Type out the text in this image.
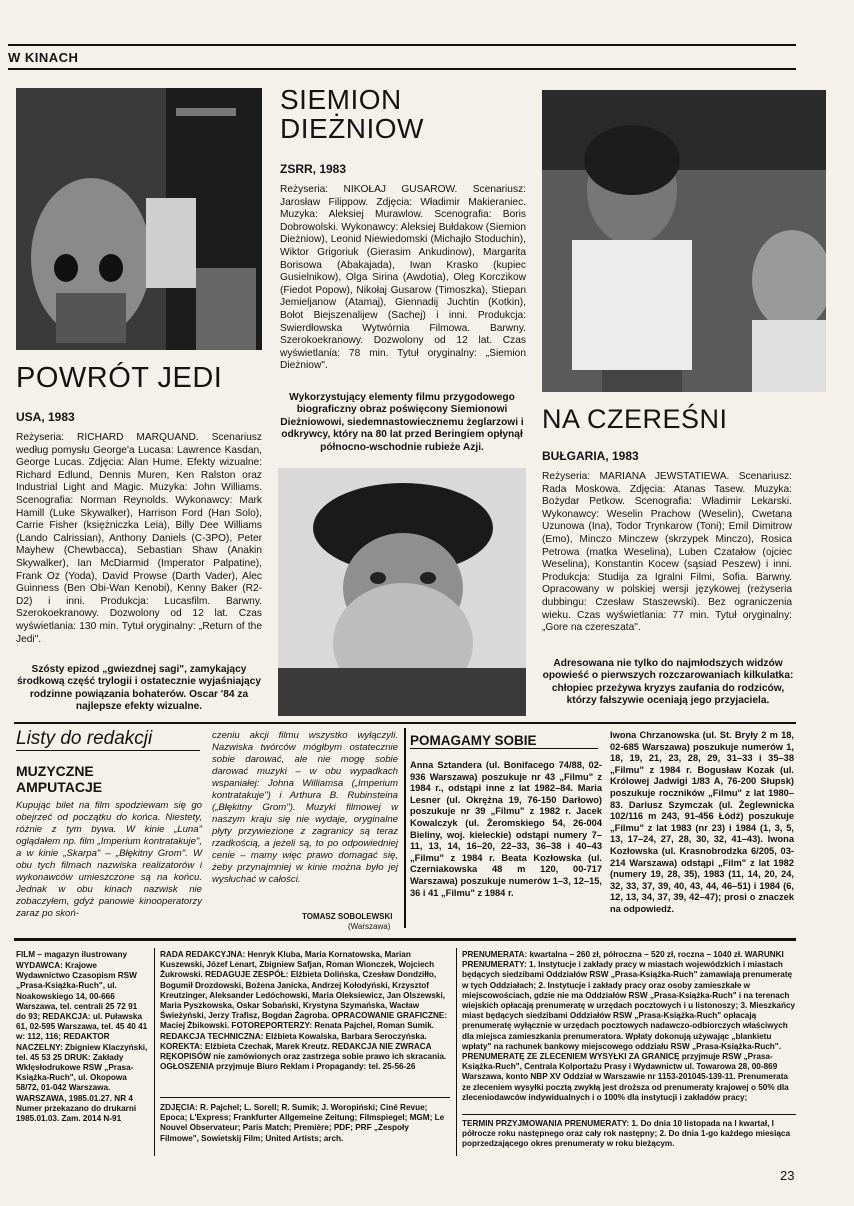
W KINACH
POWRÓT JEDI
USA, 1983
Reżyseria: RICHARD MARQUAND. Scenariusz według pomysłu George'a Lucasa: Lawrence Kasdan, George Lucas. Zdjęcia: Alan Hume. Efekty wizualne: Richard Edlund, Dennis Muren, Ken Ralston oraz Industrial Light and Magic. Muzyka: John Williams. Scenografia: Norman Reynolds. Wykonawcy: Mark Hamill (Luke Skywalker), Harrison Ford (Han Solo), Carrie Fisher (księżniczka Leia), Billy Dee Williams (Lando Calrissian), Anthony Daniels (C-3PO), Peter Mayhew (Chewbacca), Sebastian Shaw (Anakin Skywalker), Ian McDiarmid (Imperator Palpatine), Frank Oz (Yoda), David Prowse (Darth Vader), Alec Guinness (Ben Obi-Wan Kenobi), Kenny Baker (R2-D2) i inni. Produkcja: Lucasfilm. Barwny. Szerokoekranowy. Dozwolony od 12 lat. Czas wyświetlania: 130 min. Tytuł oryginalny: „Return of the Jedi".
Szósty epizod „gwiezdnej sagi", zamykający środkową część trylogii i ostatecznie wyjaśniający rodzinne powiązania bohaterów. Oscar '84 za najlepsze efekty wizualne.
SIEMION
DIEŻNIOW
ZSRR, 1983
Reżyseria: NIKOŁAJ GUSAROW. Scenariusz: Jarosław Filippow. Zdjęcia: Władimir Makieraniec. Muzyka: Aleksiej Murawlow. Scenografia: Boris Dobrowolski. Wykonawcy: Aleksiej Bułdakow (Siemion Dieżniow), Leonid Niewiedomski (Michajło Stoduchin), Wiktor Grigoriuk (Gierasim Ankudinow), Margarita Borisowa (Abakajada), Iwan Krasko (kupiec Gusielnikow), Olga Sirina (Awdotia), Oleg Korczikow (Fiedot Popow), Nikołaj Gusarow (Timoszka), Stiepan Jemieljanow (Atamaj), Giennadij Juchtin (Kotkin), Bołot Biejszenalijew (Sachej) i inni. Produkcja: Swierdłowska Wytwórnia Filmowa. Barwny. Szerokoekranowy. Dozwolony od 12 lat. Czas wyświetlania: 78 min. Tytuł oryginalny: „Siemion Dieżniow".
Wykorzystujący elementy filmu przygodowego biograficzny obraz poświęcony Siemionowi Dieżniowowi, siedemnastowiecznemu żeglarzowi i odkrywcy, który na 80 lat przed Beringiem opłynął północno-wschodnie rubieże Azji.
NA CZEREŚNI
BUŁGARIA, 1983
Reżyseria: MARIANA JEWSTATIEWA. Scenariusz: Rada Moskowa. Zdjęcia: Atanas Tasew. Muzyka: Bożydar Petkow. Scenografia: Władimir Lekarski. Wykonawcy: Weselin Prachow (Weselin), Cwetana Uzunowa (Ina), Todor Trynkarow (Toni); Emil Dimitrow (Emo), Minczo Minczew (skrzypek Minczo), Rosica Petrowa (matka Weselina), Luben Czatałow (ojciec Weselina), Konstantin Kocew (sąsiad Peszew) i inni. Produkcja: Studija za Igralni Filmi, Sofia. Barwny. Opracowany w polskiej wersji językowej (reżyseria dubbingu: Czesław Staszewski). Bez ograniczenia wieku. Czas wyświetlania: 77 min. Tytuł oryginalny: „Gore na czereszata".
Adresowana nie tylko do najmłodszych widzów opowieść o pierwszych rozczarowaniach kilkulatka: chłopiec przeżywa kryzys zaufania do rodziców, którzy fałszywie oceniają jego przyjaciela.
Listy do redakcji
MUZYCZNE
AMPUTACJE
Kupując bilet na film spodziewam się go obejrzeć od początku do końca. Niestety, różnie z tym bywa. W kinie „Luna" oglądałem np. film „Imperium kontratakuje", a w kinie „Skarpa" – „Błękitny Grom". W obu tych filmach nazwiska realizatorów i wykonawców umieszczone są na końcu. Jednak w obu kinach nazwisk nie zobaczyłem, gdyż panowie kinooperatorzy zaraz po skoń-
czeniu akcji filmu wszystko wyłączyli. Nazwiska twórców mógłbym ostatecznie sobie darować, ale nie mogę sobie darować muzyki – w obu wypadkach wspaniałej: Johna Williamsa („Imperium kontratakuje") i Arthura B. Rubinsteina („Błękitny Grom"). Muzyki filmowej w naszym kraju się nie wydaje, oryginalne płyty przywiezione z zagranicy są teraz rzadkością, a jeżeli są, to po odpowiedniej cenie – mamy więc prawo domagać się, żeby przynajmniej w kinie można było jej wysłuchać w całości.
TOMASZ SOBOLEWSKI
(Warszawa)
POMAGAMY SOBIE
Anna Sztandera (ul. Bonifacego 74/88, 02-936 Warszawa) poszukuje nr 43 „Filmu" z 1984 r., odstąpi inne z lat 1982–84. Maria Lesner (ul. Okrężna 19, 76-150 Darłowo) poszukuje nr 39 „Filmu" z 1982 r. Jacek Kowalczyk (ul. Żeromskiego 54, 26-004 Bieliny, woj. kieleckie) odstąpi numery 7–11, 13, 14, 16–20, 22–33, 36–38 i 40–43 „Filmu" z 1984 r. Beata Kozłowska (ul. Czerniakowska 48 m 120, 00-717 Warszawa) poszukuje numerów 1–3, 12–15, 36 i 41 „Filmu" z 1984 r.
Iwona Chrzanowska (ul. St. Bryły 2 m 18, 02-685 Warszawa) poszukuje numerów 1, 18, 19, 21, 23, 28, 29, 31–33 i 35–38 „Filmu" z 1984 r. Bogusław Kozak (ul. Królowej Jadwigi 1/83 A, 76-200 Słupsk) poszukuje roczników „Filmu" z lat 1980–83. Dariusz Szymczak (ul. Żeglewnicka 102/116 m 243, 91-456 Łódź) poszukuje „Filmu" z lat 1983 (nr 23) i 1984 (1, 3, 5, 13, 17–24, 27, 28, 30, 32, 41–43). Iwona Kozłowska (ul. Krasnobrodzka 6/205, 03-214 Warszawa) odstąpi „Film" z lat 1982 (numery 19, 28, 35), 1983 (11, 14, 20, 24, 32, 33, 37, 39, 40, 43, 44, 46–51) i 1984 (6, 12, 13, 34, 37, 39, 42–47); prosi o znaczek na odpowiedź.
FILM – magazyn ilustrowany
WYDAWCA: Krajowe Wydawnictwo Czasopism RSW „Prasa-Książka-Ruch", ul. Noakowskiego 14, 00-666 Warszawa, tel. centrali 25 72 91 do 93; REDAKCJA: ul. Puławska 61, 02-595 Warszawa, tel. 45 40 41 w: 112, 116; REDAKTOR NACZELNY: Zbigniew Klaczyński, tel. 45 53 25 DRUK: Zakłady Wklęsłodrukowe RSW „Prasa-Książka-Ruch", ul. Okopowa 58/72, 01-042 Warszawa. WARSZAWA, 1985.01.27. NR 4 Numer przekazano do drukarni 1985.01.03. Zam. 2014 N-91
RADA REDAKCYJNA: Henryk Kluba, Maria Kornatowska, Marian Kuszewski, Józef Lenart, Zbigniew Safjan, Roman Wionczek, Wojciech Żukrowski. REDAGUJE ZESPÓŁ: Elżbieta Dolińska, Czesław Dondziłło, Bogumił Drozdowski, Bożena Janicka, Andrzej Kołodyński, Krzysztof Kreutzinger, Aleksander Ledóchowski, Maria Oleksiewicz, Jan Olszewski, Maria Pyszkowska, Oskar Sobański, Krystyna Szymańska, Wacław Świeżyński, Jerzy Trafisz, Bogdan Żagroba. OPRACOWANIE GRAFICZNE: Maciej Żbikowski. FOTOREPORTERZY: Renata Pajchel, Roman Sumik. REDAKCJA TECHNICZNA: Elżbieta Kowalska, Barbara Seroczyńska. KOREKTA: Elżbieta Czechak, Marek Kreutz. REDAKCJA NIE ZWRACA RĘKOPISÓW nie zamówionych oraz zastrzega sobie prawo ich skracania. OGŁOSZENIA przyjmuje Biuro Reklam i Propagandy: tel. 25-56-26
ZDJĘCIA: R. Pajchel; L. Sorell; R. Sumik; J. Woropiński; Ciné Revue; Epoca; L'Express; Frankfurter Allgemeine Zeitung; Filmspiegel; MGM; Le Nouvel Observateur; Paris Match; Première; PDF; PRF „Zespoły Filmowe", Sowietskij Film; United Artists; arch.
PRENUMERATA: kwartalna – 260 zł, półroczna – 520 zł, roczna – 1040 zł. WARUNKI PRENUMERATY: 1. Instytucje i zakłady pracy w miastach wojewódzkich i miastach będących siedzibami Oddziałów RSW „Prasa-Książka-Ruch" zamawiają prenumeratę w tych Oddziałach; 2. Instytucje i zakłady pracy oraz osoby zamieszkałe w miejscowościach, gdzie nie ma Oddziałów RSW „Prasa-Książka-Ruch" i na terenach wiejskich opłacają prenumeratę w urzędach pocztowych i u listonoszy; 3. Mieszkańcy miast będących siedzibami Oddziałów RSW „Prasa-Książka-Ruch" opłacają prenumeratę wyłącznie w urzędach pocztowych nadawczo-odbiorczych właściwych dla miejsca zamieszkania prenumeratora. Wpłaty dokonują używając „blankietu wpłaty" na rachunek bankowy miejscowego oddziału RSW „Prasa-Książka-Ruch". PRENUMERATĘ ZE ZLECENIEM WYSYŁKI ZA GRANICĘ przyjmuje RSW „Prasa-Książka-Ruch", Centrala Kolportażu Prasy i Wydawnictw ul. Towarowa 28, 00-869 Warszawa, konto NBP XV Oddział w Warszawie nr 1153-201045-139-11. Prenumerata ze zleceniem wysyłki pocztą zwykłą jest droższa od prenumeraty krajowej o 50% dla zleceniodawców indywidualnych i o 100% dla instytucji i zakładów pracy;
TERMIN PRZYJMOWANIA PRENUMERATY: 1. Do dnia 10 listopada na I kwartał, I półrocze roku następnego oraz cały rok następny; 2. Do dnia 1-go każdego miesiąca poprzedzającego okres prenumeraty w roku bieżącym.
23
